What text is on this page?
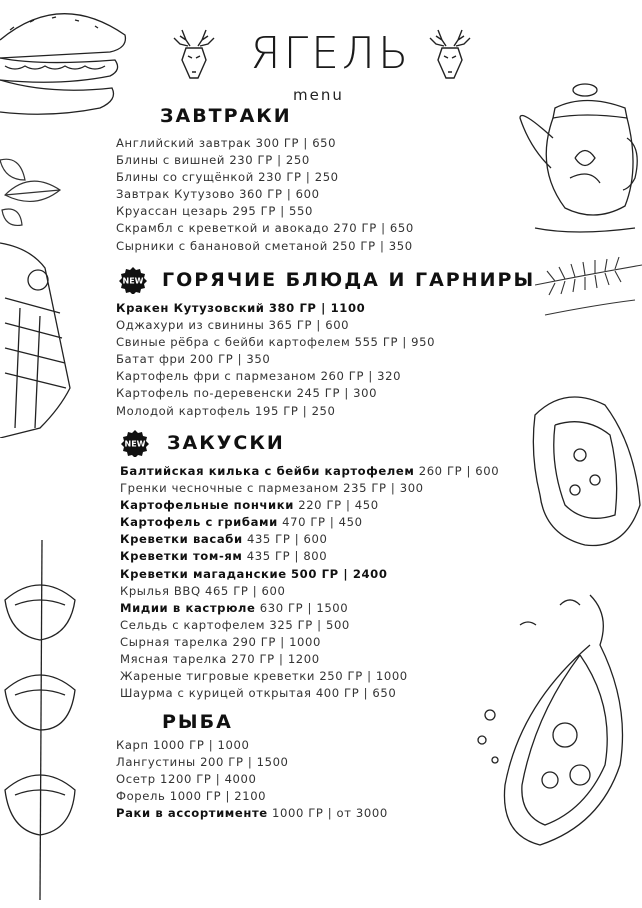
ЯГЕЛЬ
menu
ЗАВТРАКИ
Английский завтрак 300 ГР | 650
Блины с вишней 230 ГР | 250
Блины со сгущёнкой 230 ГР | 250
Завтрак Кутузово 360 ГР | 600
Круассан цезарь 295 ГР | 550
Скрамбл с креветкой и авокадо 270 ГР | 650
Сырники с банановой сметаной 250 ГР | 350
NEW ГОРЯЧИЕ БЛЮДА И ГАРНИРЫ
Кракен Кутузовский 380 ГР | 1100
Оджахури из свинины 365 ГР | 600
Свиные рёбра с бейби картофелем 555 ГР | 950
Батат фри 200 ГР | 350
Картофель фри с пармезаном 260 ГР | 320
Картофель по-деревенски 245 ГР | 300
Молодой картофель 195 ГР | 250
NEW ЗАКУСКИ
Балтийская килька с бейби картофелем 260 ГР | 600
Гренки чесночные с пармезаном 235 ГР | 300
Картофельные пончики 220 ГР | 450
Картофель с грибами 470 ГР | 450
Креветки васаби 435 ГР | 600
Креветки том-ям 435 ГР | 800
Креветки магаданские 500 ГР | 2400
Крылья BBQ 465 ГР | 600
Мидии в кастрюле 630 ГР | 1500
Сельдь с картофелем 325 ГР | 500
Сырная тарелка 290 ГР | 1000
Мясная тарелка 270 ГР | 1200
Жареные тигровые креветки 250 ГР | 1000
Шаурма с курицей открытая 400 ГР | 650
РЫБА
Карп 1000 ГР | 1000
Лангустины 200 ГР | 1500
Осетр 1200 ГР | 4000
Форель 1000 ГР | 2100
Раки в ассортименте 1000 ГР | от 3000
